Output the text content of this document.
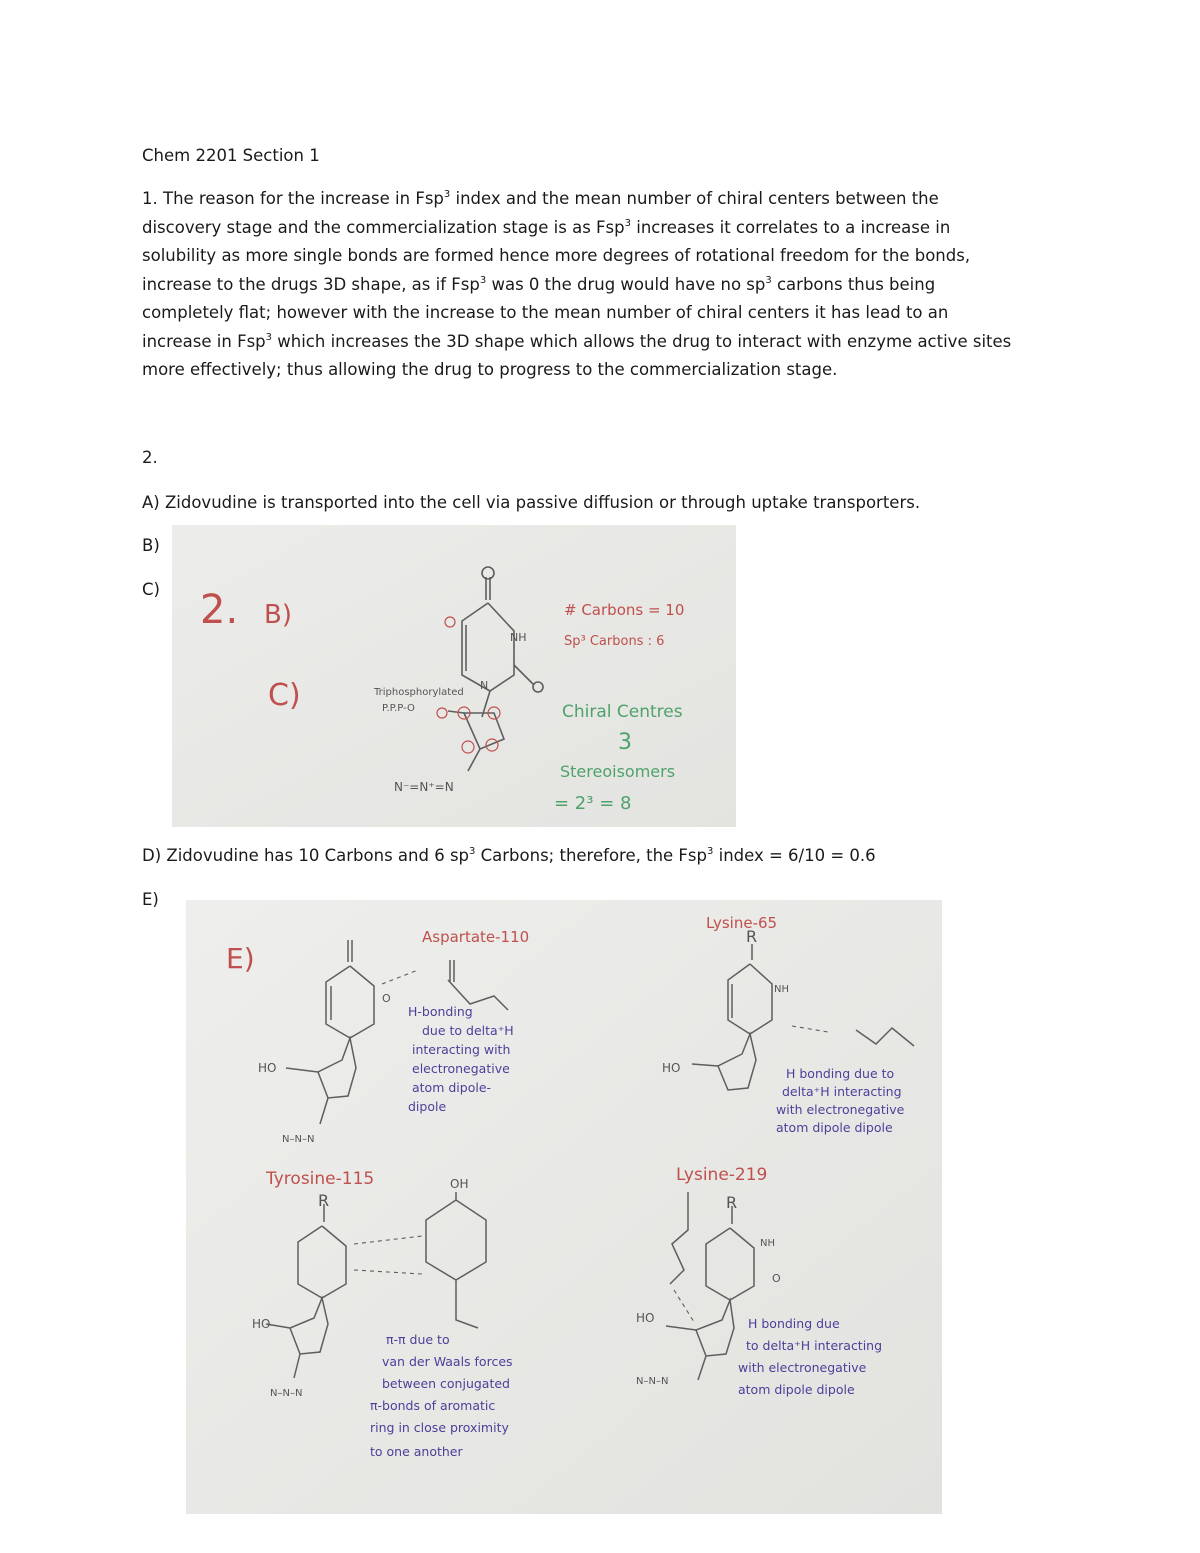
Chem 2201 Section 1
1. The reason for the increase in Fsp$^3$ index and the mean number of chiral centers between the
discovery stage and the commercialization stage is as Fsp$^3$ increases it correlates to a increase in
solubility as more single bonds are formed hence more degrees of rotational freedom for the bonds,
increase to the drugs 3D shape, as if Fsp$^3$ was 0 the drug would have no $sp^3$ carbons thus being
completely flat; however with the increase to the mean number of chiral centers it has lead to an
increase in Fsp$^3$ which increases the 3D shape which allows the drug to interact with enzyme active sites
more effectively; thus allowing the drug to progress to the commercialization stage.
2.
A) Zidovudine is transported into the cell via passive diffusion or through uptake transporters.
B)
C) 2. B)
C)
# Carbons = 10
Sp³ Carbons : 6
Chiral Centres
3
Stereoisomers
= 2³ = 8
NH
N
Triphosphorylated
P.P.P-O
N⁻=N⁺=N
D) Zidovudine has 10 Carbons and 6 $sp^3$ Carbons; therefore, the Fsp$^3$ index = 6/10 = 0.6
E)
E)
Aspartate-110
Lysine-65
Tyrosine-115	Lysine-219
H-bonding
due to delta⁺H
interacting with
electronegative
atom dipole-
dipole
H bonding due to
delta⁺H interacting
with electronegative
atom dipole dipole
π-π due to
van der Waals forces
between conjugated
π-bonds of aromatic
ring in close proximity
to one another
H bonding due
to delta⁺H interacting
with electronegative
atom dipole dipole
HO
N–N–N
HO
NH
R
R
OH
HO
N–N–N
R
NH
HO
N–N–N
O
O
